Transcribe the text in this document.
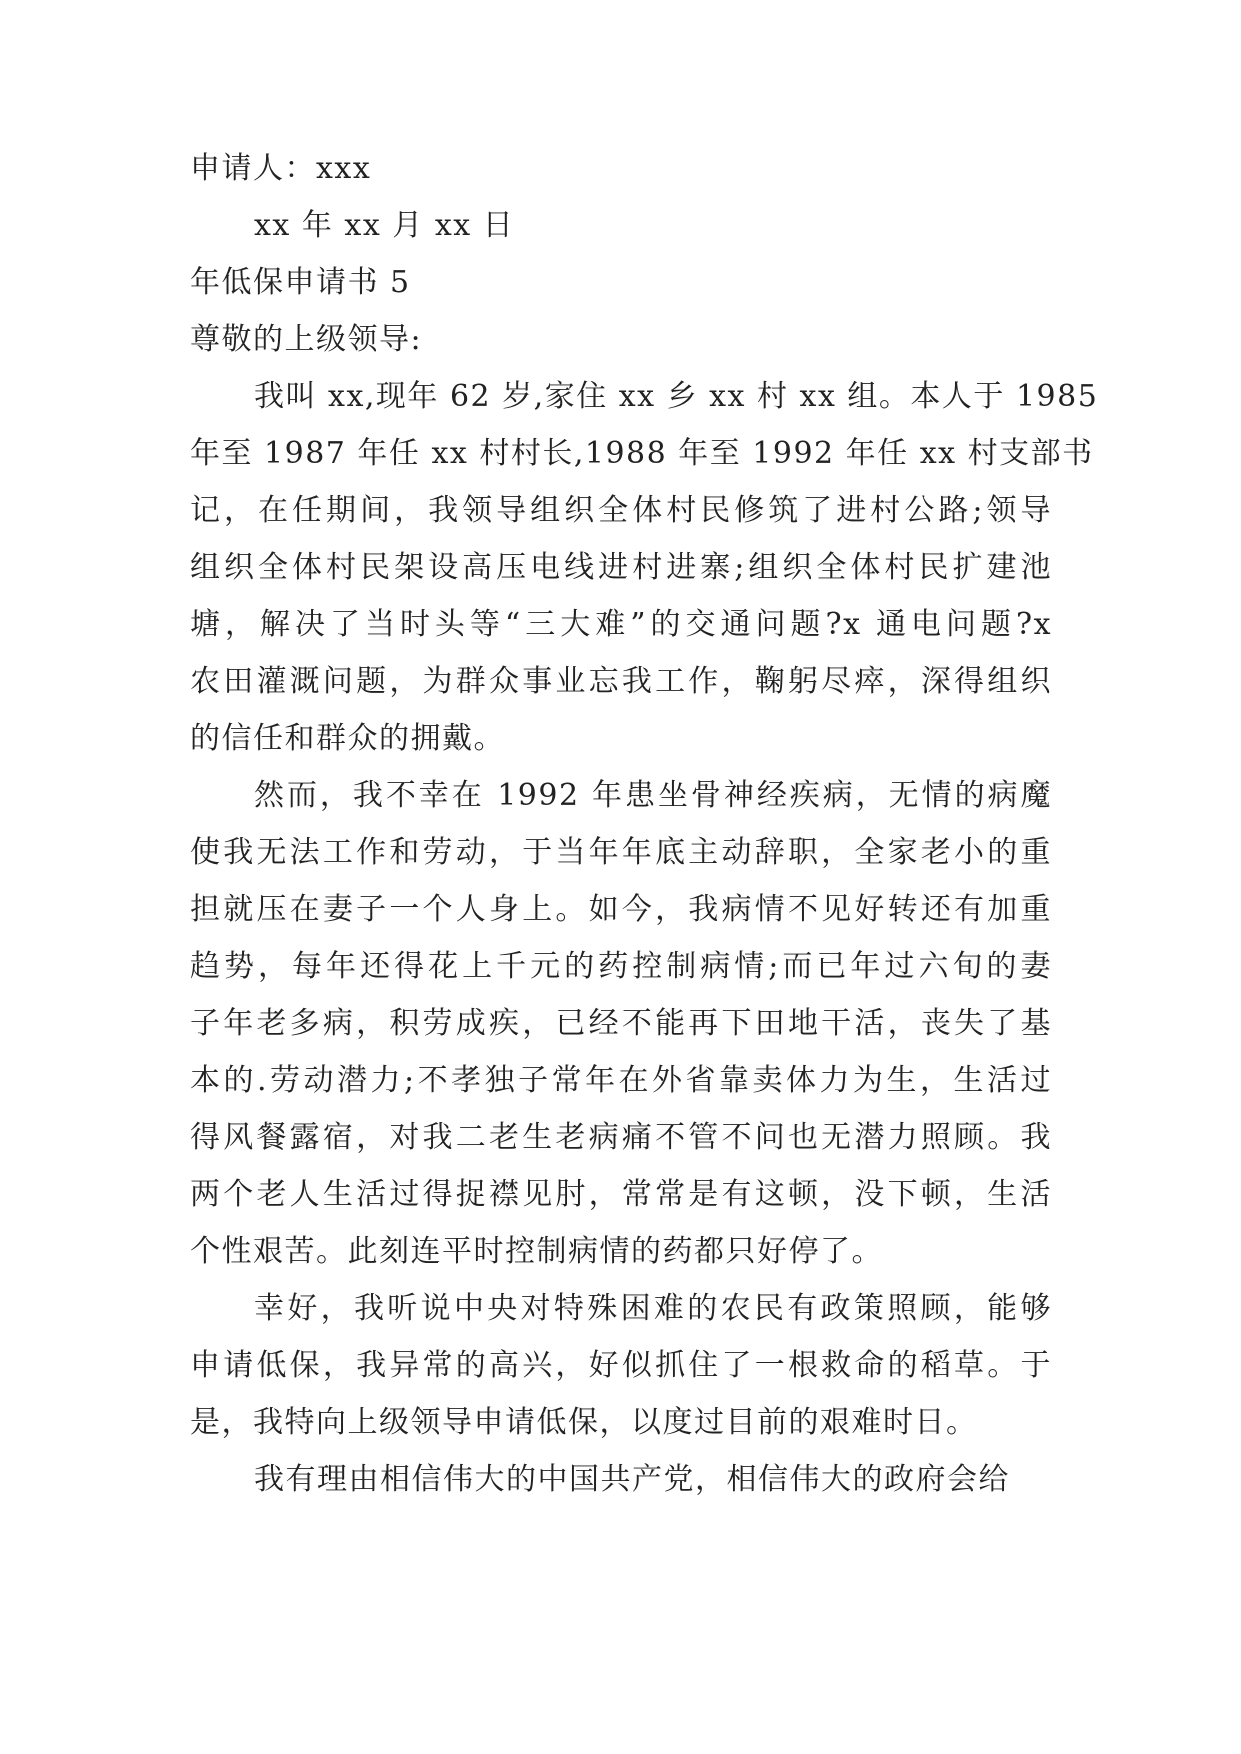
申请人：xxx
xx 年 xx 月 xx 日
年低保申请书 5
尊敬的上级领导:
我叫 xx,现年 62 岁,家住 xx 乡 xx 村 xx 组。本人于 1985
年至 1987 年任 xx 村村长,1988 年至 1992 年任 xx 村支部书
记，在任期间，我领导组织全体村民修筑了进村公路;领导
组织全体村民架设高压电线进村进寨;组织全体村民扩建池
塘，解决了当时头等“三大难”的交通问题?x 通电问题?x
农田灌溉问题，为群众事业忘我工作，鞠躬尽瘁，深得组织
的信任和群众的拥戴。
然而，我不幸在 1992 年患坐骨神经疾病，无情的病魔
使我无法工作和劳动，于当年年底主动辞职，全家老小的重
担就压在妻子一个人身上。如今，我病情不见好转还有加重
趋势，每年还得花上千元的药控制病情;而已年过六旬的妻
子年老多病，积劳成疾，已经不能再下田地干活，丧失了基
本的.劳动潜力;不孝独子常年在外省靠卖体力为生，生活过
得风餐露宿，对我二老生老病痛不管不问也无潜力照顾。我
两个老人生活过得捉襟见肘，常常是有这顿，没下顿，生活
个性艰苦。此刻连平时控制病情的药都只好停了。
幸好，我听说中央对特殊困难的农民有政策照顾，能够
申请低保，我异常的高兴，好似抓住了一根救命的稻草。于
是，我特向上级领导申请低保，以度过目前的艰难时日。
我有理由相信伟大的中国共产党，相信伟大的政府会给
